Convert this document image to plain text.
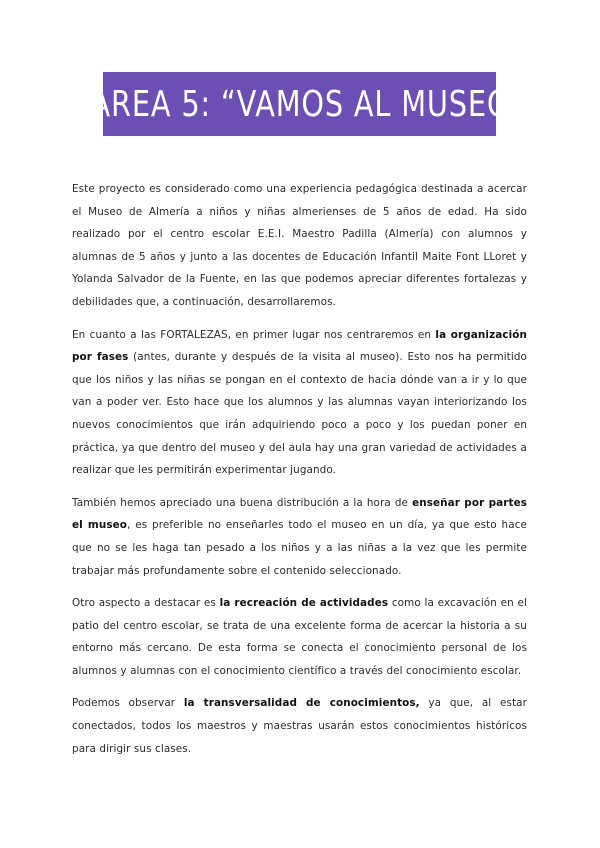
TAREA 5: “VAMOS AL MUSEO”

Este proyecto es considerado como una experiencia pedagógica destinada a acercar el Museo de Almería a niños y niñas almerienses de 5 años de edad. Ha sido realizado por el centro escolar E.E.I. Maestro Padilla (Almería) con alumnos y alumnas de 5 años y junto a las docentes de Educación Infantil Maite Font LLoret y Yolanda Salvador de la Fuente, en las que podemos apreciar diferentes fortalezas y debilidades que, a continuación, desarrollaremos.

En cuanto a las FORTALEZAS, en primer lugar nos centraremos en la organización por fases (antes, durante y después de la visita al museo). Esto nos ha permitido que los niños y las niñas se pongan en el contexto de hacia dónde van a ir y lo que van a poder ver. Esto hace que los alumnos y las alumnas vayan interiorizando los nuevos conocimientos que irán adquiriendo poco a poco y los puedan poner en práctica, ya que dentro del museo y del aula hay una gran variedad de actividades a realizar que les permitirán experimentar jugando.

También hemos apreciado una buena distribución a la hora de enseñar por partes el museo, es preferible no enseñarles todo el museo en un día, ya que esto hace que no se les haga tan pesado a los niños y a las niñas a la vez que les permite trabajar más profundamente sobre el contenido seleccionado.

Otro aspecto a destacar es la recreación de actividades como la excavación en el patio del centro escolar, se trata de una excelente forma de acercar la historia a su entorno más cercano. De esta forma se conecta el conocimiento personal de los alumnos y alumnas con el conocimiento científico a través del conocimiento escolar.

Podemos observar la transversalidad de conocimientos, ya que, al estar conectados, todos los maestros y maestras usarán estos conocimientos históricos para dirigir sus clases.
